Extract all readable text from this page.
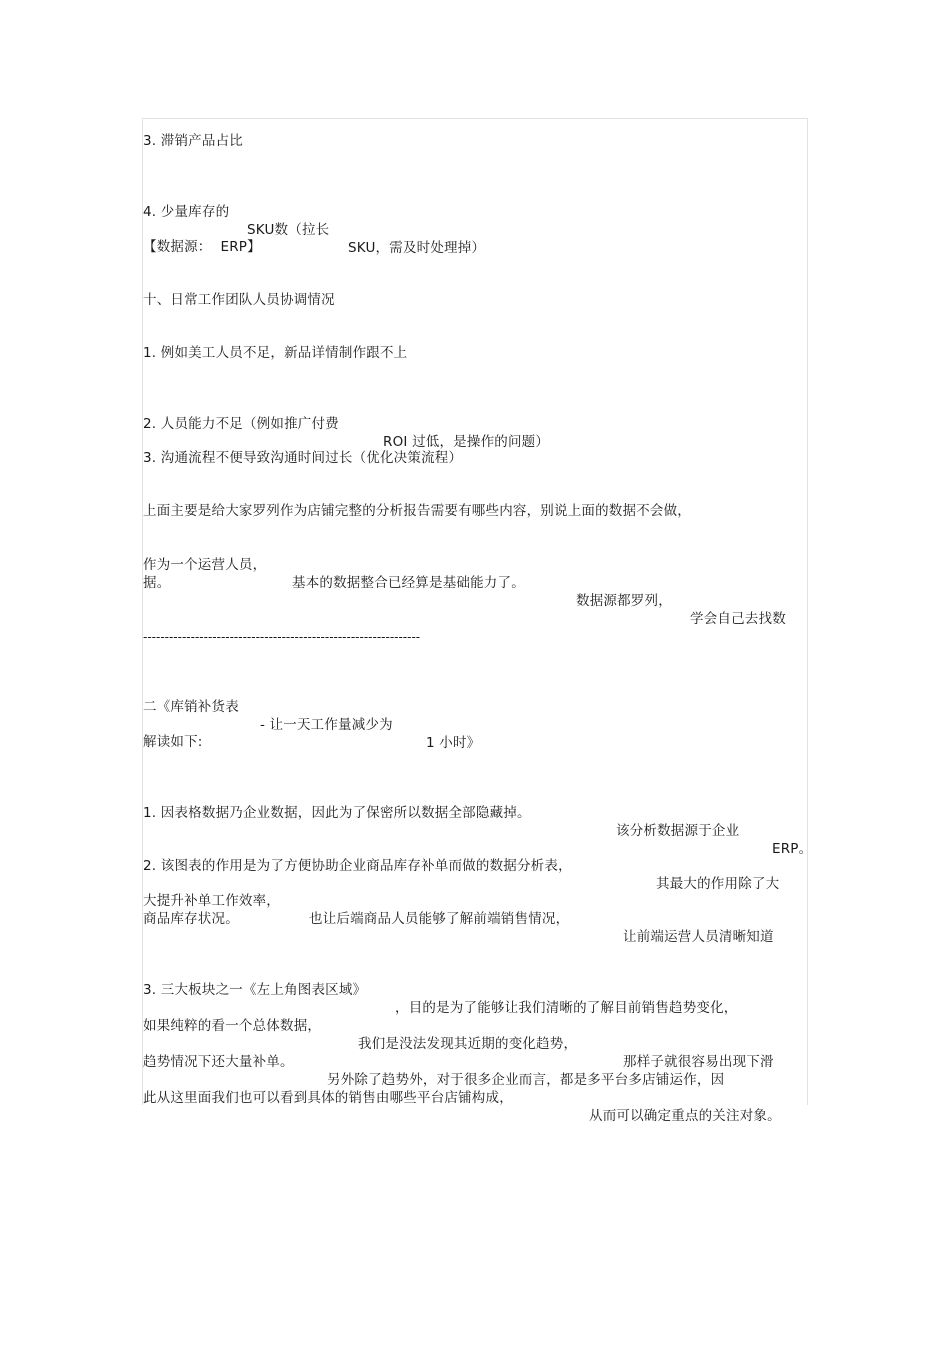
3. 滞销产品占比

4. 少量库存的

SKU数（拉长

SKU，需及时处理掉）

【数据源：  ERP】
十、日常工作团队人员协调情况
1. 例如美工人员不足，新品详情制作跟不上

2. 人员能力不足（例如推广付费

ROI 过低，是操作的问题）

3. 沟通流程不便导致沟通时间过长（优化决策流程）
上面主要是给大家罗列作为店铺完整的分析报告需要有哪些内容，别说上面的数据不会做，

作为一个运营人员，

基本的数据整合已经算是基础能力了。

数据源都罗列，

学会自己去找数

据。
----------------------------------------------------------------

二《库销补货表

- 让一天工作量减少为

1 小时》

解读如下:

1. 因表格数据乃企业数据，因此为了保密所以数据全部隐藏掉。

该分析数据源于企业

ERP。

2. 该图表的作用是为了方便协助企业商品库存补单而做的数据分析表，

其最大的作用除了大

大提升补单工作效率，

也让后端商品人员能够了解前端销售情况，

让前端运营人员清晰知道

商品库存状况。

3. 三大板块之一《左上角图表区域》

，目的是为了能够让我们清晰的了解目前销售趋势变化，

如果纯粹的看一个总体数据，

我们是没法发现其近期的变化趋势，

那样子就很容易出现下滑

趋势情况下还大量补单。

另外除了趋势外，对于很多企业而言，都是多平台多店铺运作，因

此从这里面我们也可以看到具体的销售由哪些平台店铺构成，

从而可以确定重点的关注对象。
